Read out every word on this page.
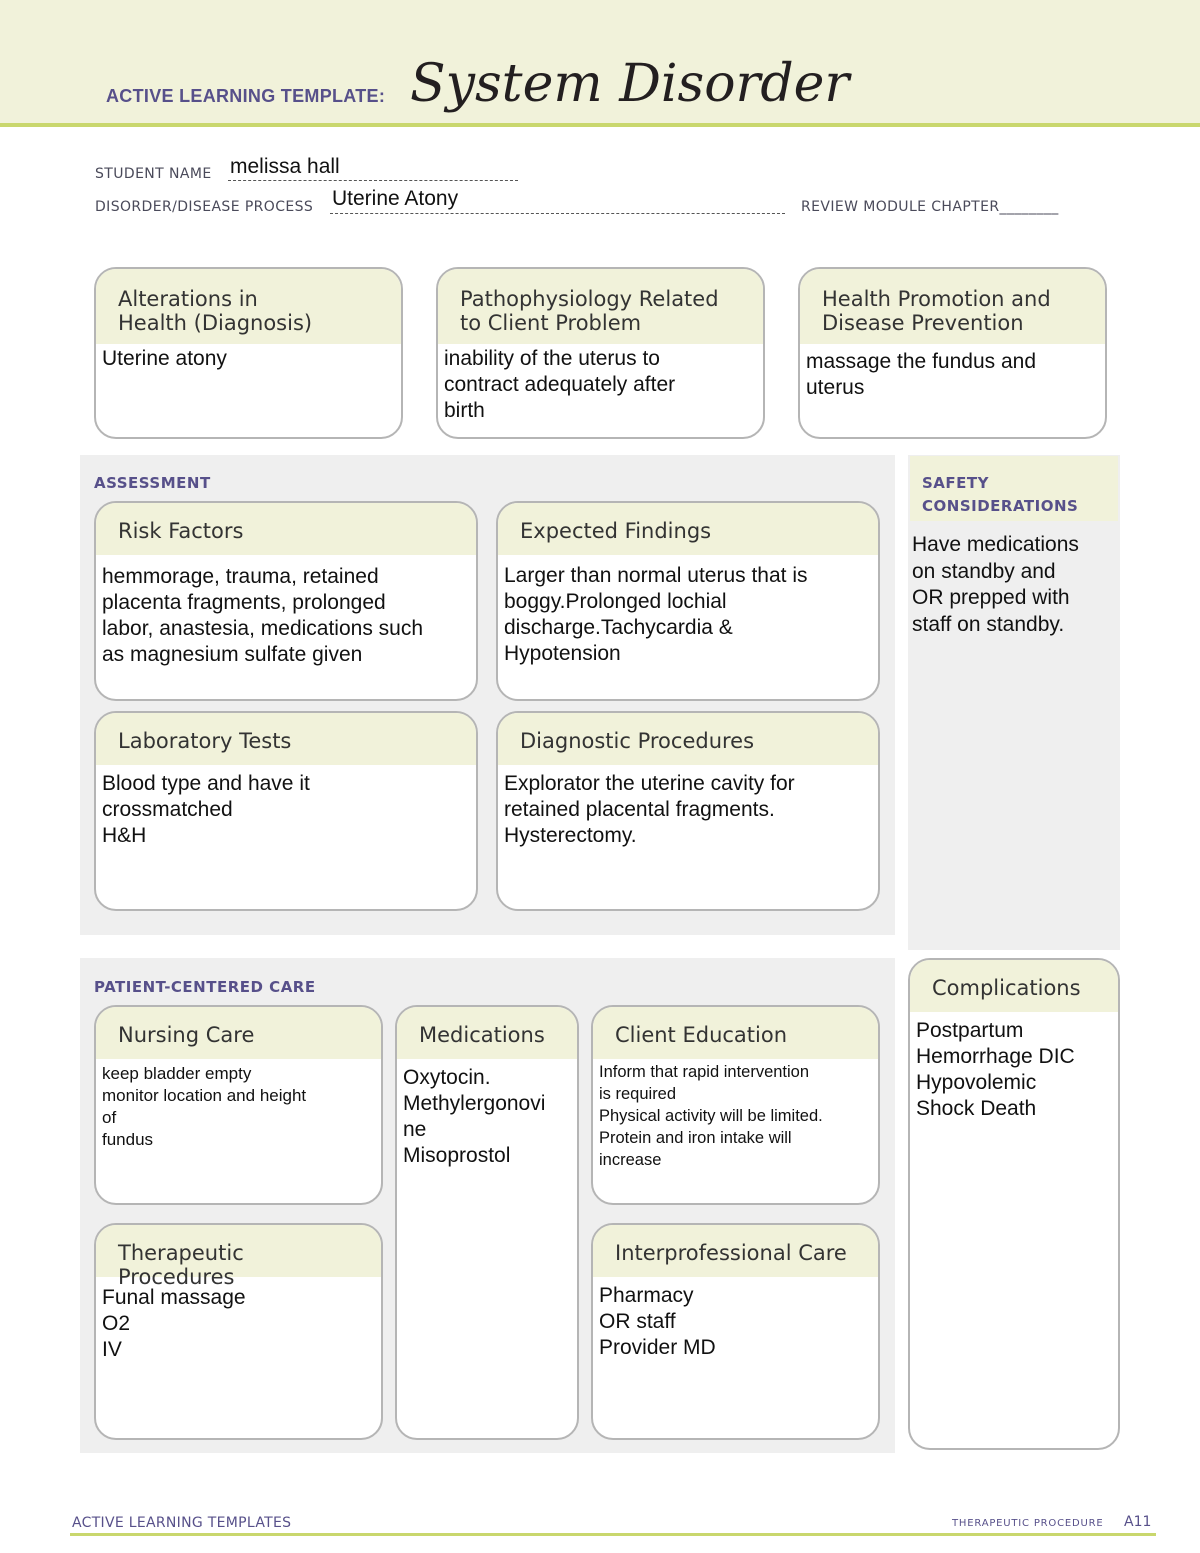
ACTIVE LEARNING TEMPLATE: System Disorder
STUDENT NAME melissa hall
DISORDER/DISEASE PROCESS Uterine Atony	REVIEW MODULE CHAPTER________
Alterations in
Health (Diagnosis)
Uterine atony
Pathophysiology Related
to Client Problem
inability of the uterus to
contract adequately after
birth
Health Promotion and
Disease Prevention
massage the fundus and
uterus
ASSESSMENT
Risk Factors
hemmorage, trauma, retained
placenta fragments, prolonged
labor, anastesia, medications such
as magnesium sulfate given
Expected Findings
Larger than normal uterus that is
boggy.Prolonged lochial
discharge.Tachycardia &
Hypotension
Laboratory Tests
Blood type and have it
crossmatched
H&H
Diagnostic Procedures
Explorator the uterine cavity for
retained placental fragments.
Hysterectomy.
SAFETY
CONSIDERATIONS
Have medications
on standby and
OR prepped with
staff on standby.
PATIENT-CENTERED CARE
Nursing Care
keep bladder empty
monitor location and height
of
fundus
Medications
Oxytocin.
Methylergonovi
ne
Misoprostol
Client Education
Inform that rapid intervention
is required
Physical activity will be limited.
Protein and iron intake will
increase
Therapeutic Procedures
Funal massage
O2
IV
Interprofessional Care
Pharmacy
OR staff
Provider MD
Complications
Postpartum
Hemorrhage DIC
Hypovolemic
Shock Death
ACTIVE LEARNING TEMPLATES	THERAPEUTIC PROCEDURE A11
